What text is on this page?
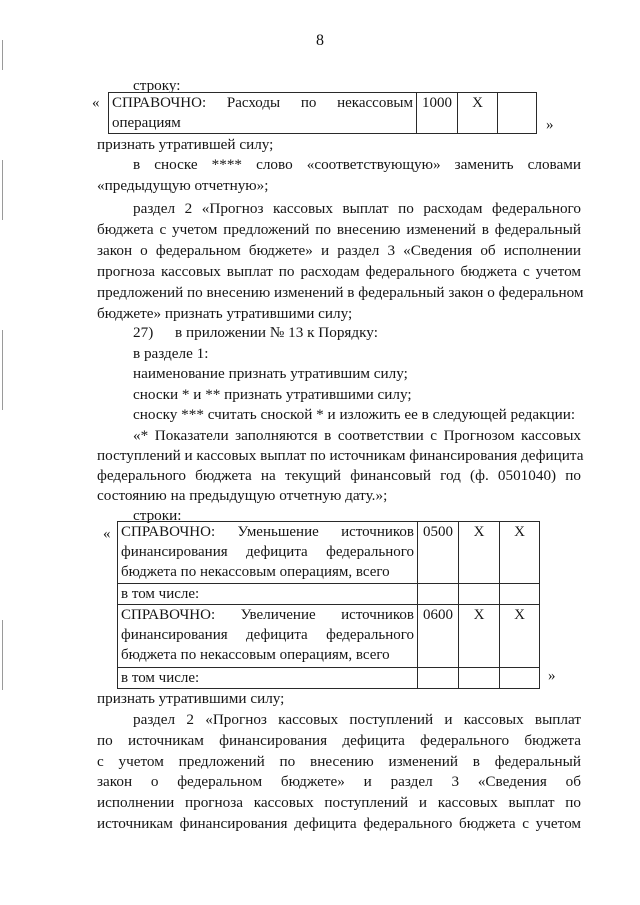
8
строку:
« СПРАВОЧНО: Расходы по некассовым
операциям
	1000	X	
»
признать утратившей силу;
в сноске **** слово «соответствующую» заменить словами
«предыдущую отчетную»;
раздел 2 «Прогноз кассовых выплат по расходам федерального
бюджета с учетом предложений по внесению изменений в федеральный
закон о федеральном бюджете» и раздел 3 «Сведения об исполнении
прогноза кассовых выплат по расходам федерального бюджета с учетом
предложений по внесению изменений в федеральный закон о федеральном
бюджете» признать утратившими силу;
27) в приложении № 13 к Порядку:
в разделе 1:
наименование признать утратившим силу;
сноски * и ** признать утратившими силу;
сноску *** считать сноской * и изложить ее в следующей редакции:
«* Показатели заполняются в соответствии с Прогнозом кассовых
поступлений и кассовых выплат по источникам финансирования дефицита
федерального бюджета на текущий финансовый год (ф. 0501040) по
состоянию на предыдущую отчетную дату.»;
строки:
« СПРАВОЧНО: Уменьшение источников
финансирования дефицита федерального
бюджета по некассовым операциям, всего	0500	X	X
в том числе:			

СПРАВОЧНО: Увеличение источников
финансирования дефицита федерального
бюджета по некассовым операциям, всего	0600	X	X
в том числе:				»
признать утратившими силу;
раздел 2 «Прогноз кассовых поступлений и кассовых выплат
по источникам финансирования дефицита федерального бюджета
с учетом предложений по внесению изменений в федеральный
закон о федеральном бюджете» и раздел 3 «Сведения об
исполнении прогноза кассовых поступлений и кассовых выплат по
источникам финансирования дефицита федерального бюджета с учетом
